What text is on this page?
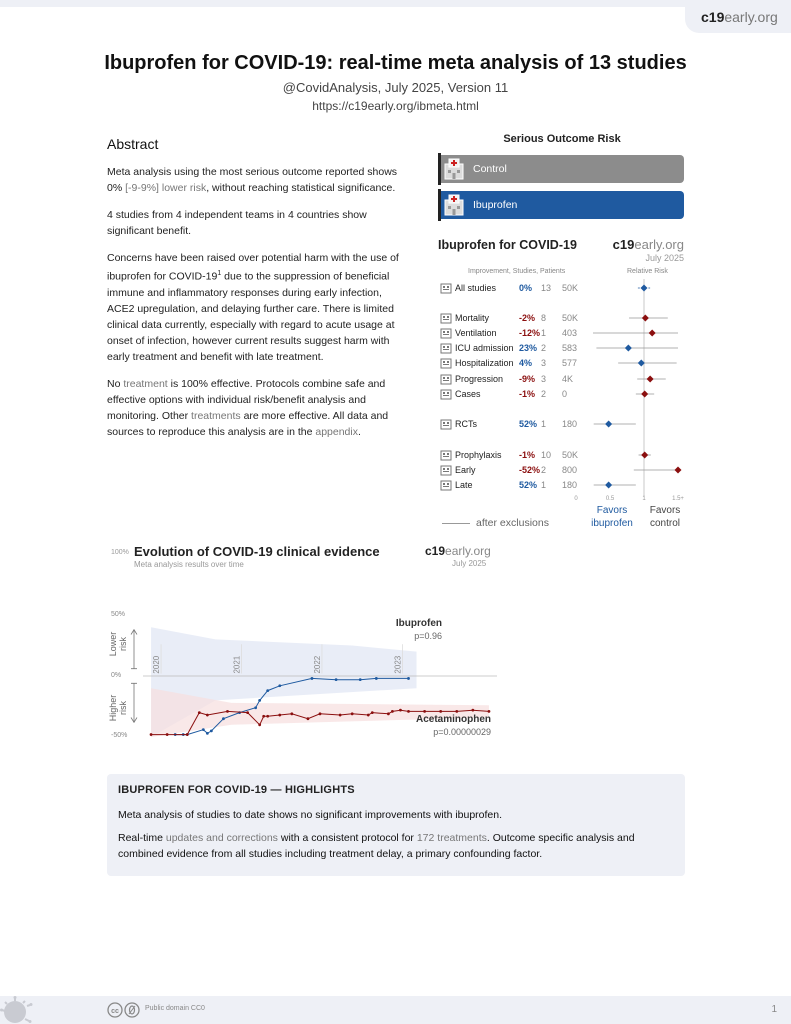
c19early.org
Ibuprofen for COVID-19: real-time meta analysis of 13 studies
@CovidAnalysis, July 2025, Version 11
https://c19early.org/ibmeta.html
Abstract

Meta analysis using the most serious outcome reported shows
0% [-9-9%] lower risk, without reaching statistical significance.

4 studies from 4 independent teams in 4 countries show significant benefit.

Concerns have been raised over potential harm with the use of ibuprofen for COVID-$19^1$ due to the suppression of beneficial immune and inflammatory responses during early infection, ACE2 upregulation, and delaying further care. There is limited clinical data currently, especially with regard to acute usage at onset of infection, however current results suggest harm with early treatment and benefit with late treatment.

No treatment is 100% effective. Protocols combine safe and effective options with individual risk/benefit analysis and monitoring. Other treatments are more effective. All data and sources to reproduce this analysis are in the appendix.

Serious Outcome Risk
Control
Ibuprofen
Ibuprofen for COVID-19	c19early.org
July 2025
Improvement, Studies, Patients	Relative Risk
All studies	0% 13 50K
Mortality	-2% 8 50K
Ventilation -12% 1 403
ICU admission 23% 2 583
Hospitalization 4% 3 577
Progression -9% 3 4K
Cases	-1% 2 0
RCTs	52% 1 180
Prophylaxis -1% 10 50K
Early	-52% 2 800
Late	52% 1 180
0	0.5	1	1.5+
Favors ibuprofen
Favors control
after exclusions
100% Evolution of COVID-19 clinical evidence
Meta analysis results over time
c19early.org
July 2025
2020	2021	2022	2023
50%
0%
-50%
Lower risk
Higher risk
Ibuprofen
p=0.96
Acetaminophen
p=0.00000029
IBUPROFEN FOR COVID-19 — HIGHLIGHTS

Meta analysis of studies to date shows no significant improvements with ibuprofen.

Real-time updates and corrections with a consistent protocol for 172 treatments. Outcome specific analysis and combined evidence from all studies including treatment delay, a primary confounding factor.

cc	Public domain CC0	1
